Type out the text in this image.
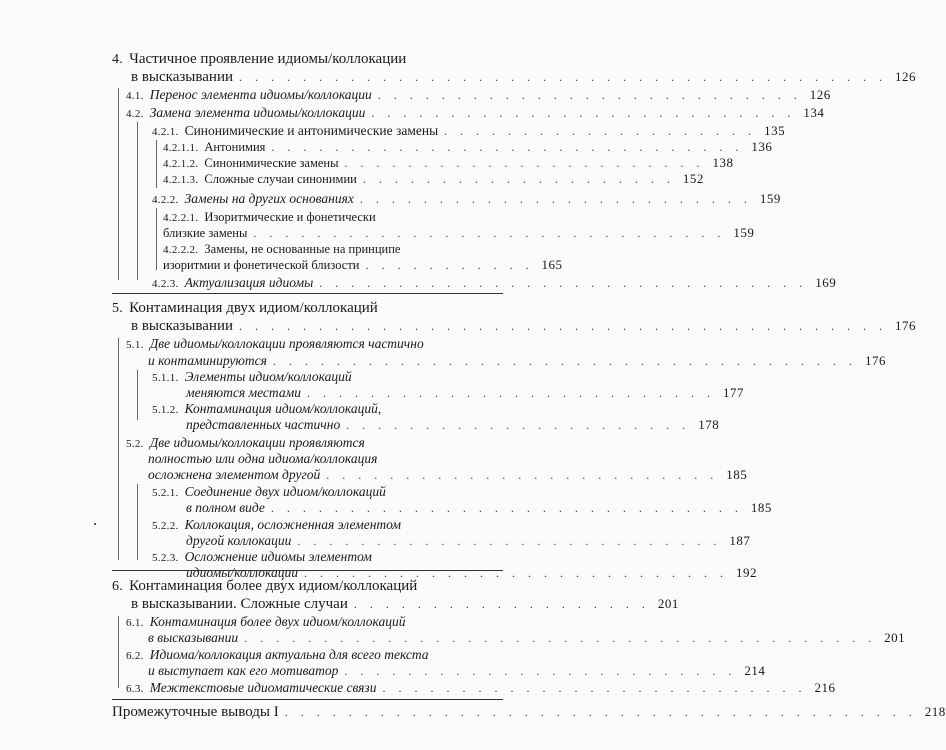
4. Частичное проявление идиомы/коллокации
в высказывании . . . . . . . . . . . . . . . . . . . . . . . . . . . . . . . . . . . . . . . . . 126
4.1. Перенос элемента идиомы/коллокации . . . . . . . . . . . . . . . . . . . . . . . . . . . 126
4.2. Замена элемента идиомы/коллокации . . . . . . . . . . . . . . . . . . . . . . . . . . . 134
4.2.1. Синонимические и антонимические замены . . . . . . . . . . . . . . . . . . . . 135
4.2.1.1. Антонимия . . . . . . . . . . . . . . . . . . . . . . . . . . . . . . 136
4.2.1.2. Синонимические замены . . . . . . . . . . . . . . . . . . . . . . . 138
4.2.1.3. Сложные случаи синонимии . . . . . . . . . . . . . . . . . . . . 152
4.2.2. Замены на других основаниях . . . . . . . . . . . . . . . . . . . . . . . . . 159
4.2.2.1. Изоритмические и фонетически
близкие замены . . . . . . . . . . . . . . . . . . . . . . . . . . . . . . 159
4.2.2.2. Замены, не основанные на принципе
изоритмии и фонетической близости . . . . . . . . . . . 165
4.2.3. Актуализация идиомы . . . . . . . . . . . . . . . . . . . . . . . . . . . . . . . 169
5. Контаминация двух идиом/коллокаций
в высказывании . . . . . . . . . . . . . . . . . . . . . . . . . . . . . . . . . . . . . . . . . 176
5.1. Две идиомы/коллокации проявляются частично
и контаминируются . . . . . . . . . . . . . . . . . . . . . . . . . . . . . . . . . . . . . 176
5.1.1. Элементы идиом/коллокаций
меняются местами . . . . . . . . . . . . . . . . . . . . . . . . . . 177
5.1.2. Контаминация идиом/коллокаций,
представленных частично . . . . . . . . . . . . . . . . . . . . . . 178
5.2. Две идиомы/коллокации проявляются
полностью или одна идиома/коллокация
осложнена элементом другой . . . . . . . . . . . . . . . . . . . . . . . . . 185
5.2.1. Соединение двух идиом/коллокаций
в полном виде . . . . . . . . . . . . . . . . . . . . . . . . . . . . . . 185
5.2.2. Коллокация, осложненная элементом
другой коллокации . . . . . . . . . . . . . . . . . . . . . . . . . . . 187
5.2.3. Осложнение идиомы элементом
идиомы/коллокации . . . . . . . . . . . . . . . . . . . . . . . . . . . 192
6. Контаминация более двух идиом/коллокаций
в высказывании. Сложные случаи . . . . . . . . . . . . . . . . . . . 201
6.1. Контаминация более двух идиом/коллокаций
в высказывании . . . . . . . . . . . . . . . . . . . . . . . . . . . . . . . . . . . . . . . . 201
6.2. Идиома/коллокация актуальна для всего текста
и выступает как его мотиватор . . . . . . . . . . . . . . . . . . . . . . . . . 214
6.3. Межтекстовые идиоматические связи . . . . . . . . . . . . . . . . . . . . . . . . . . . 216
Промежуточные выводы I . . . . . . . . . . . . . . . . . . . . . . . . . . . . . . . . . . . . . . . . 218
